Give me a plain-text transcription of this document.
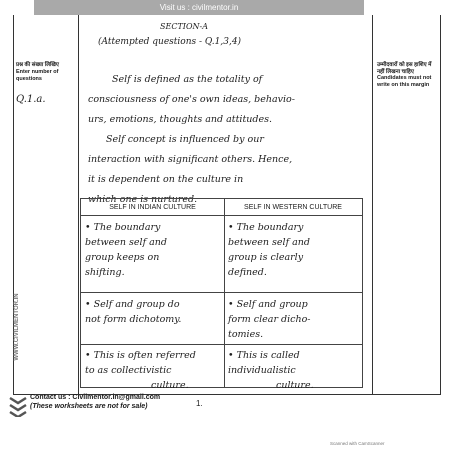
Visit us : civilmentor.in
SECTION-A
(Attempted questions - Q.1,3,4)
प्रश्न की संख्या लिखिए
Enter number of questions
Q.1.a.
उम्मीदवारों को इस हाशिए में नहीं लिखना चाहिए
Candidates must not write on this margin
Self is defined as the totality of
consciousness of one's own ideas, behavio-
urs, emotions, thoughts and attitudes.
Self concept is influenced by our
interaction with significant others. Hence,
it is dependent on the culture in
which one is nurtured.
SELF IN INDIAN CULTURE	SELF IN WESTERN CULTURE
• The boundary
between self and
group keeps on
shifting.
• The boundary
between self and
group is clearly
defined.
• Self and group do
not form dichotomy.
• Self and group
form clear dicho-
tomies.
• This is often referred
to as collectivistic
culture.
• This is called
individualistic
culture.
WWW.CIVILMENTOR.IN
Contact us : Civilmentor.in@gmail.com
(These worksheets are not for sale)	1.
Scanned with CamScanner
